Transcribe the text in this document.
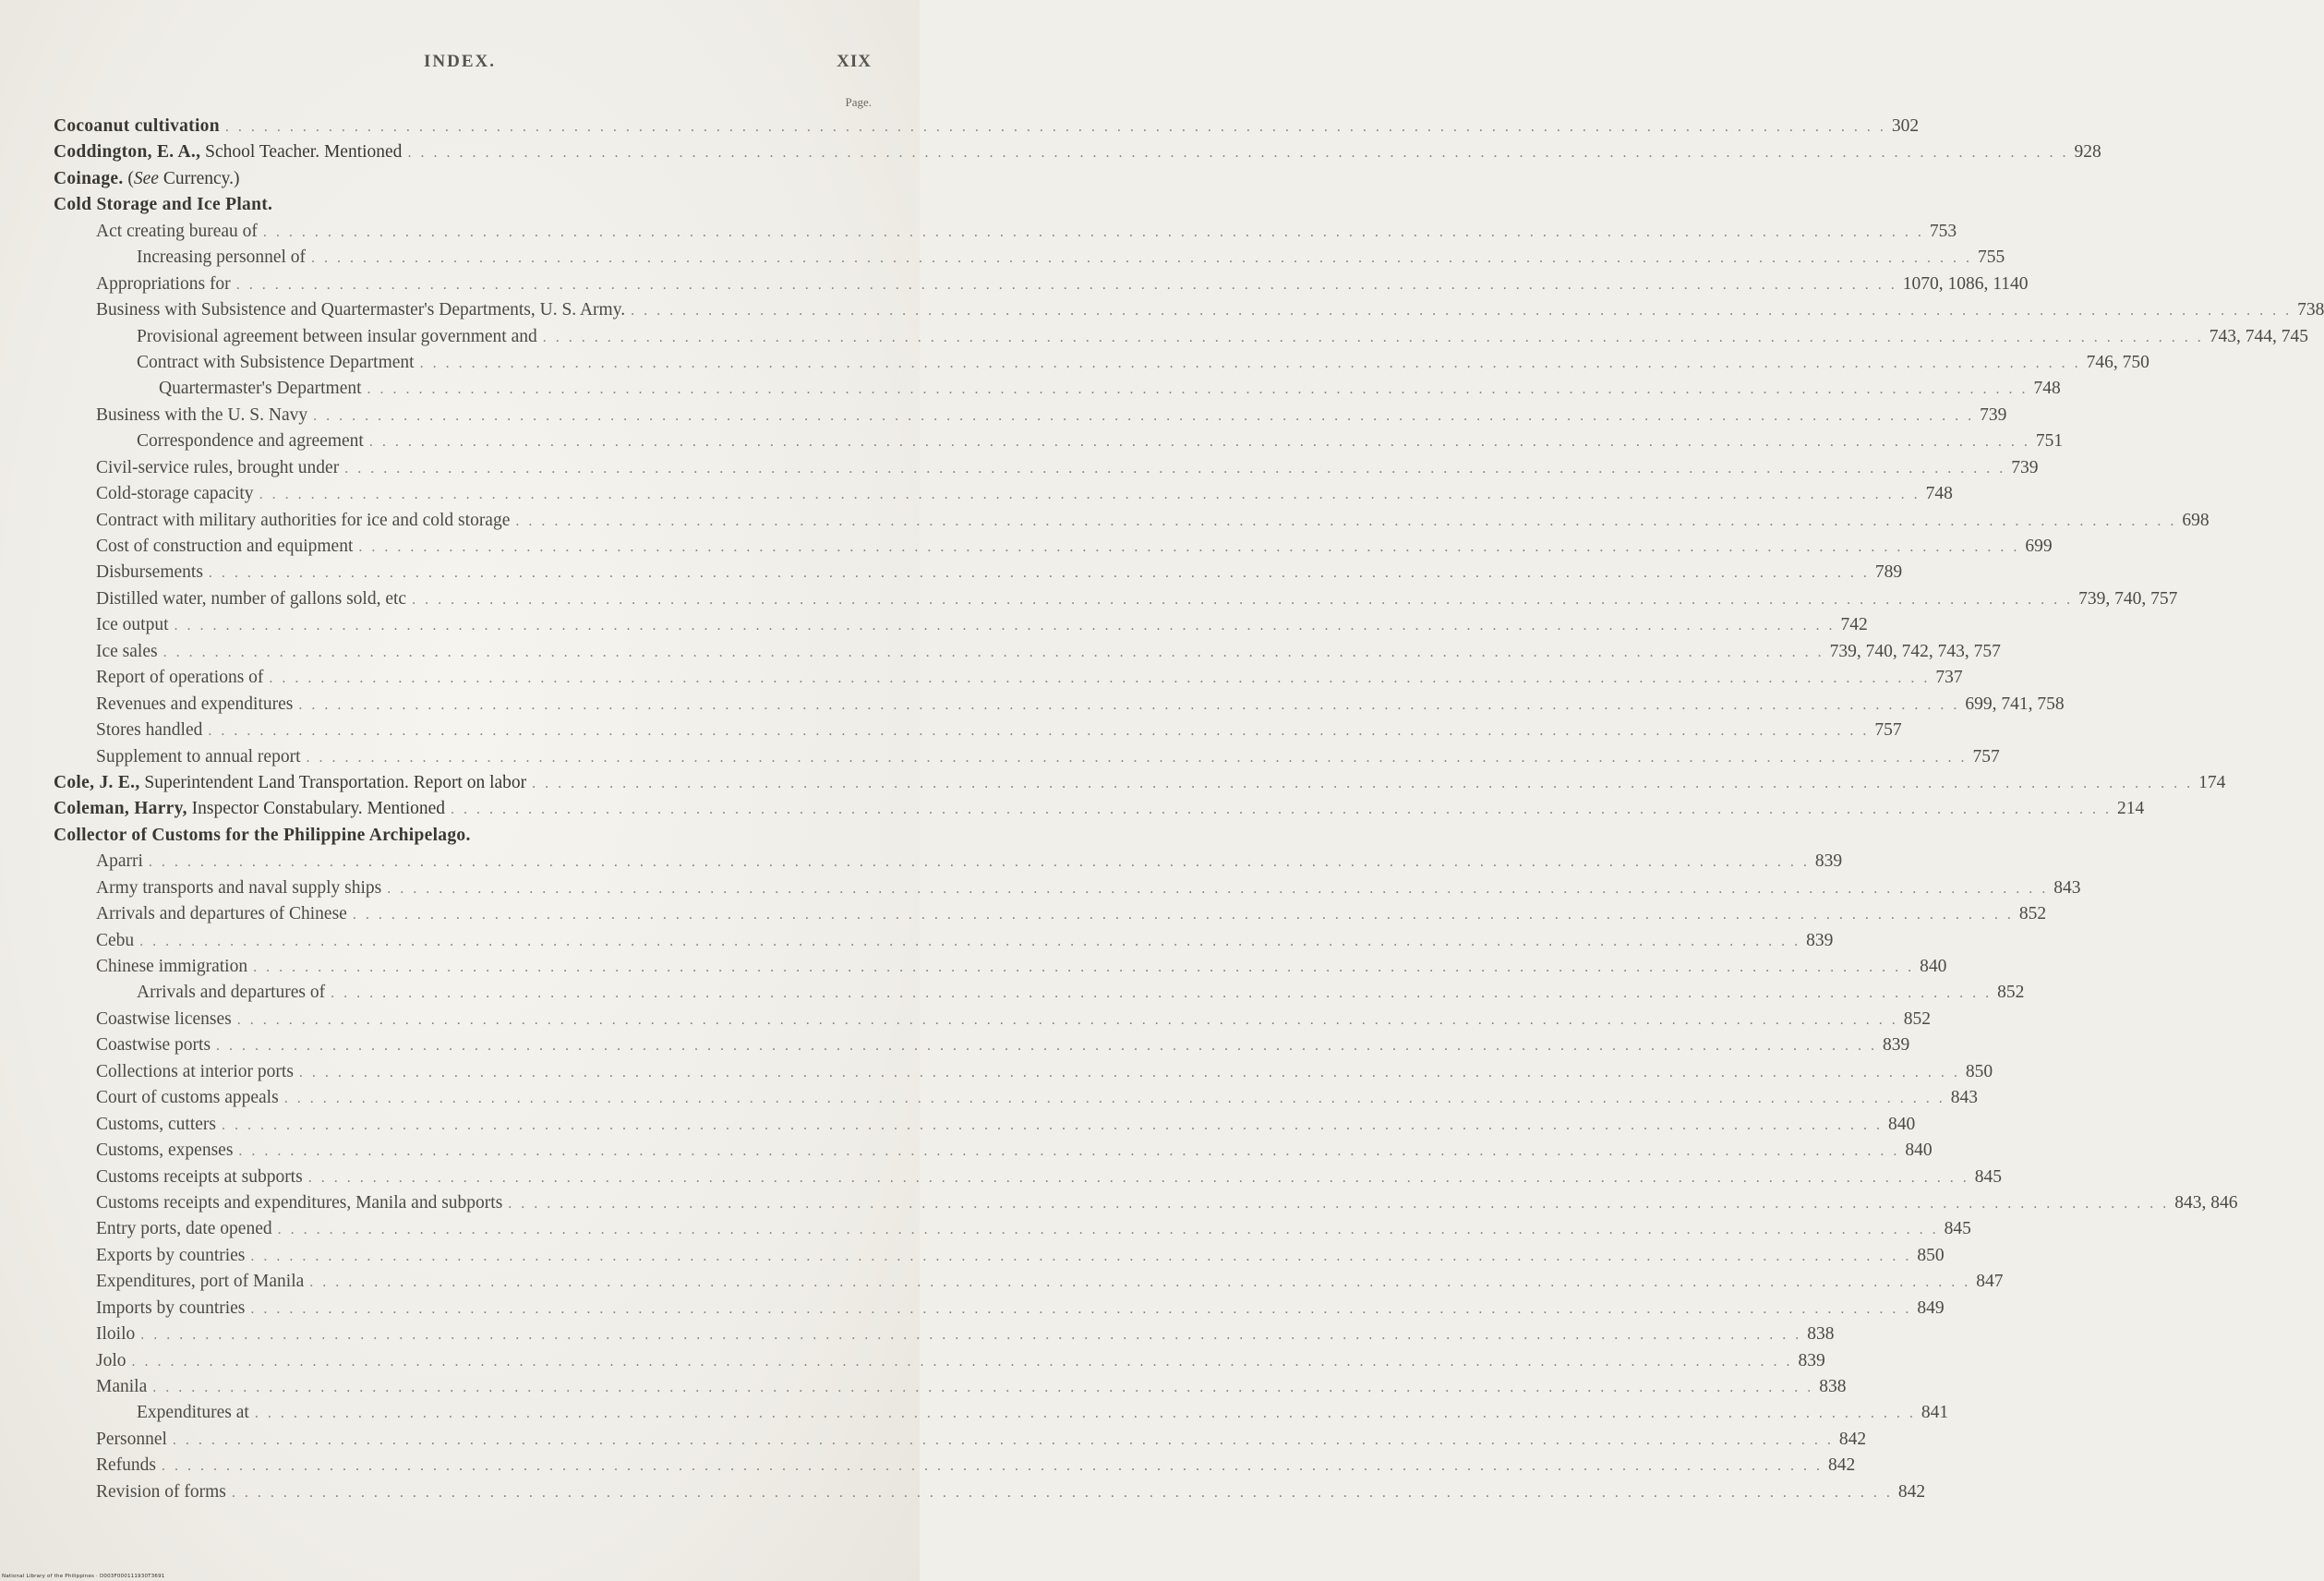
INDEX.	XIX
Page.
Cocoanut cultivation . . .	302
Coddington, E. A., School Teacher. Mentioned . . .	928
Coinage. (See Currency.)
Cold Storage and Ice Plant.
Act creating bureau of . . .	753
Increasing personnel of . . .	755
Appropriations for . . .	1070, 1086, 1140
Business with Subsistence and Quartermaster's Departments, U. S. Army. . . .	738
Provisional agreement between insular government and . . .	743, 744, 745
Contract with Subsistence Department . . .	746, 750
Quartermaster's Department . . .	748
Business with the U. S. Navy . . .	739
Correspondence and agreement . . .	751
Civil-service rules, brought under . . .	739
Cold-storage capacity . . .	748
Contract with military authorities for ice and cold storage . . .	698
Cost of construction and equipment . . .	699
Disbursements . . .	789
Distilled water, number of gallons sold, etc . . .	739, 740, 757
Ice output . . .	742
Ice sales . . .	739, 740, 742, 743, 757
Report of operations of . . .	737
Revenues and expenditures . . .	699, 741, 758
Stores handled . . .	757
Supplement to annual report . . .	757
Cole, J. E., Superintendent Land Transportation. Report on labor . . .	174
Coleman, Harry, Inspector Constabulary. Mentioned . . .	214
Collector of Customs for the Philippine Archipelago.
Aparri . . .	839
Army transports and naval supply ships . . .	843
Arrivals and departures of Chinese . . .	852
Cebu . . .	839
Chinese immigration . . .	840
Arrivals and departures of . . .	852
Coastwise licenses . . .	852
Coastwise ports . . .	839
Collections at interior ports . . .	850
Court of customs appeals . . .	843
Customs, cutters . . .	840
Customs, expenses . . .	840
Customs receipts at subports . . .	845
Customs receipts and expenditures, Manila and subports . . .	843, 846
Entry ports, date opened . . .	845
Exports by countries . . .	850
Expenditures, port of Manila . . .	847
Imports by countries . . .	849
Iloilo . . .	838
Jolo . . .	839
Manila . . .	838
Expenditures at . . .	841
Personnel . . .	842
Refunds . . .	842
Revision of forms . . .	842
National Library of the Philippines · D003F000111930T3691
